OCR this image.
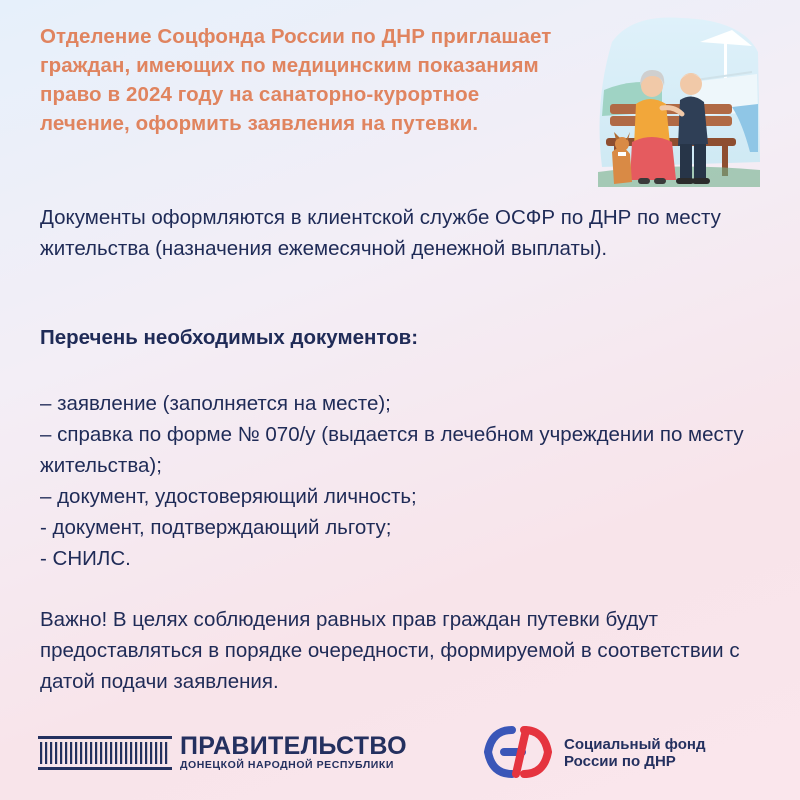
Отделение Соцфонда России по ДНР приглашает граждан, имеющих по медицинским показаниям право в 2024 году на санаторно-курортное лечение, оформить заявления на путевки.
Документы оформляются в клиентской службе ОСФР по ДНР по месту жительства (назначения ежемесячной денежной выплаты).
Перечень необходимых документов:
– заявление (заполняется на месте);
– справка по форме № 070/у (выдается в лечебном учреждении по месту жительства);
– документ, удостоверяющий личность;
- документ, подтверждающий льготу;
- СНИЛС.
Важно! В целях соблюдения равных прав граждан путевки будут предоставляться в порядке очередности, формируемой в соответствии с датой подачи заявления.
ПРАВИТЕЛЬСТВО
ДОНЕЦКОЙ НАРОДНОЙ РЕСПУБЛИКИ
Социальный фонд
России по ДНР
